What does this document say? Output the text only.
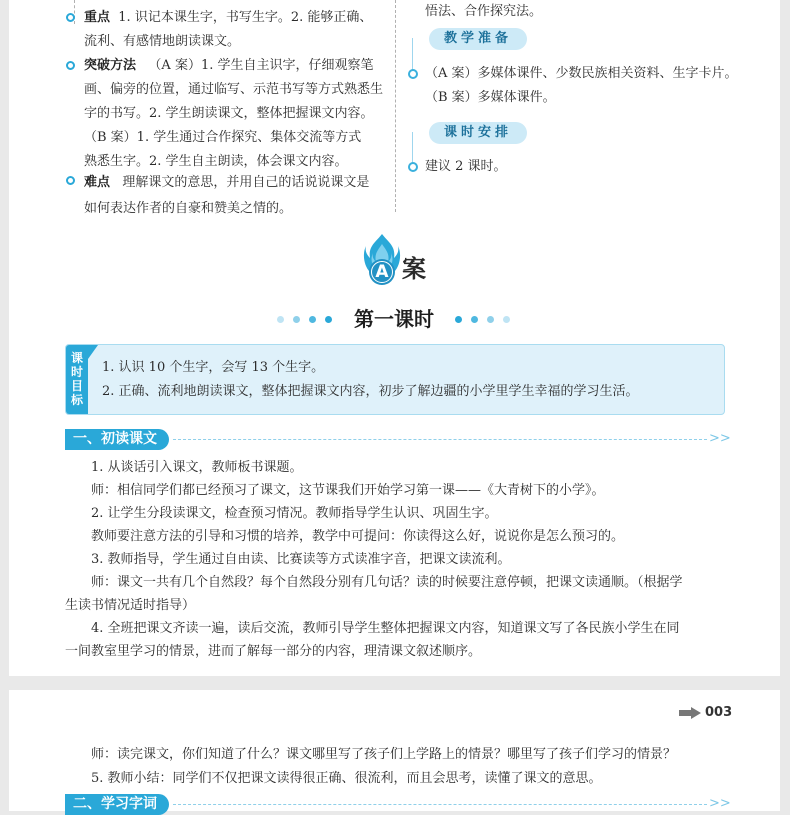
重点 1. 识记本课生字，书写生字。2. 能够正确、
流利、有感情地朗读课文。
突破方法 （A 案）1. 学生自主识字，仔细观察笔
画、偏旁的位置，通过临写、示范书写等方式熟悉生
字的书写。2. 学生朗读课文，整体把握课文内容。
（B 案）1. 学生通过合作探究、集体交流等方式
熟悉生字。2. 学生自主朗读，体会课文内容。
难点 理解课文的意思，并用自己的话说说课文是
如何表达作者的自豪和赞美之情的。
悟法、合作探究法。
教学准备
（A 案）多媒体课件、少数民族相关资料、生字卡片。
（B 案）多媒体课件。
课时安排
建议 2 课时。
A 案
第一课时
课时目标
1. 认识 10 个生字，会写 13 个生字。
2. 正确、流利地朗读课文，整体把握课文内容，初步了解边疆的小学里学生幸福的学习生活。
一、初读课文	>>
1. 从谈话引入课文，教师板书课题。
师：相信同学们都已经预习了课文，这节课我们开始学习第一课——《大青树下的小学》。
2. 让学生分段读课文，检查预习情况。教师指导学生认识、巩固生字。
教师要注意方法的引导和习惯的培养，教学中可提问：你读得这么好，说说你是怎么预习的。
3. 教师指导，学生通过自由读、比赛读等方式读准字音，把课文读流利。
师：课文一共有几个自然段？每个自然段分别有几句话？读的时候要注意停顿，把课文读通顺。（根据学
生读书情况适时指导）
4. 全班把课文齐读一遍，读后交流，教师引导学生整体把握课文内容，知道课文写了各民族小学生在同
一间教室里学习的情景，进而了解每一部分的内容，理清课文叙述顺序。
003
师：读完课文，你们知道了什么？课文哪里写了孩子们上学路上的情景？哪里写了孩子们学习的情景？
5. 教师小结：同学们不仅把课文读得很正确、很流利，而且会思考，读懂了课文的意思。
二、学习字词	>>
